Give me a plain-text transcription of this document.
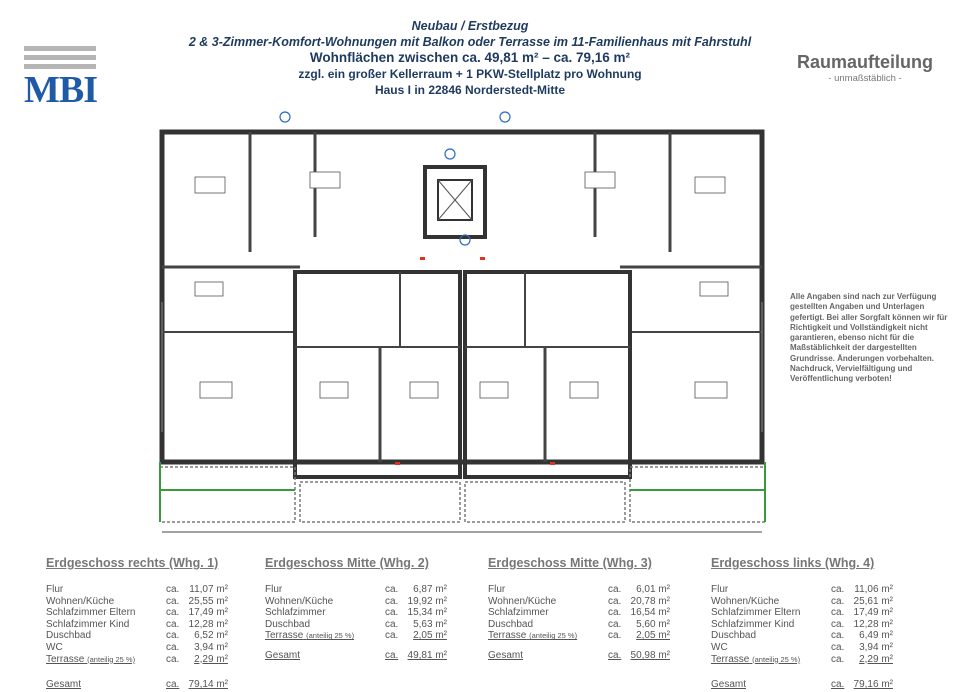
MBI
Neubau / Erstbezug
2 & 3-Zimmer-Komfort-Wohnungen mit Balkon oder Terrasse im 11-Familienhaus mit Fahrstuhl
Wohnflächen zwischen ca. 49,81 m² – ca. 79,16 m²
zzgl. ein großer Kellerraum + 1 PKW-Stellplatz pro Wohnung
Haus I in 22846 Norderstedt-Mitte
Raumaufteilung
- unmaßstäblich -
Alle Angaben sind nach zur Verfügung gestellten Angaben und Unterlagen gefertigt. Bei aller Sorgfalt können wir für Richtigkeit und Vollständigkeit nicht garantieren, ebenso nicht für die Maßstäblichkeit der dargestellten Grundrisse. Änderungen vorbehalten. Nachdruck, Vervielfältigung und Veröffentlichung verboten!
Erdgeschoss rechts (Whg. 1)
Flur	ca. 11,07 m²
Wohnen/Küche	ca. 25,55 m²
Schlafzimmer Eltern	ca. 17,49 m²
Schlafzimmer Kind	ca. 12,28 m²
Duschbad	ca.	6,52 m²
WC	ca.	3,94 m²
Terrasse (anteilig 25 %)	ca.	2,29 m²
Gesamt	ca. 79,14 m²
Erdgeschoss Mitte (Whg. 2)
Flur	ca.	6,87 m²
Wohnen/Küche	ca. 19,92 m²
Schlafzimmer	ca. 15,34 m²
Duschbad	ca.	5,63 m²
Terrasse (anteilig 25 %)	ca.	2,05 m²
Gesamt	ca. 49,81 m²
Erdgeschoss Mitte (Whg. 3)
Flur	ca.	6,01 m²
Wohnen/Küche	ca. 20,78 m²
Schlafzimmer	ca. 16,54 m²
Duschbad	ca.	5,60 m²
Terrasse (anteilig 25 %)	ca.	2,05 m²
Gesamt	ca. 50,98 m²
Erdgeschoss links (Whg. 4)
Flur	ca. 11,06 m²
Wohnen/Küche	ca. 25,61 m²
Schlafzimmer Eltern	ca. 17,49 m²
Schlafzimmer Kind	ca. 12,28 m²
Duschbad	ca.	6,49 m²
WC	ca.	3,94 m²
Terrasse (anteilig 25 %)	ca.	2,29 m²
Gesamt	ca. 79,16 m²
